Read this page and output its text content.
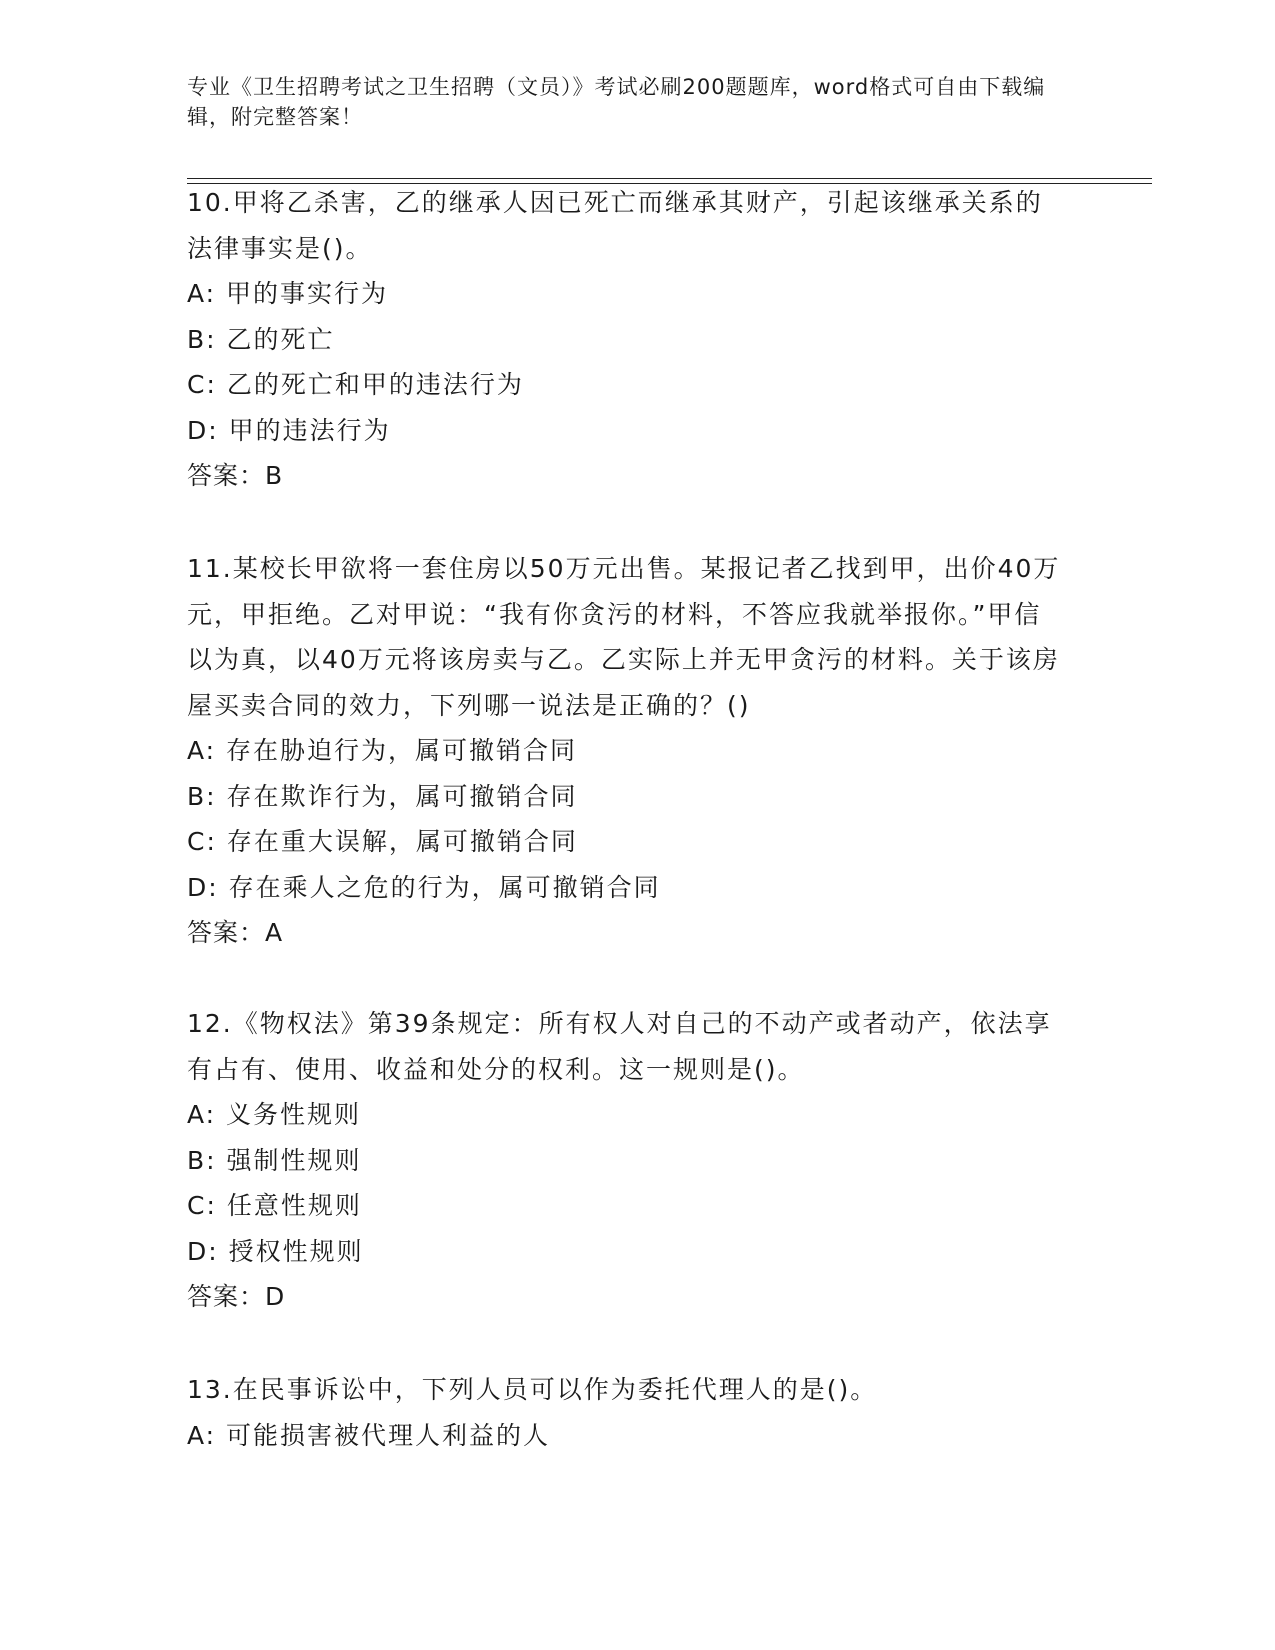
专业《卫生招聘考试之卫生招聘（文员）》考试必刷200题题库，word格式可自由下载编辑，附完整答案！

10.甲将乙杀害，乙的继承人因已死亡而继承其财产，引起该继承关系的法律事实是()。

A: 甲的事实行为

B: 乙的死亡

C: 乙的死亡和甲的违法行为

D: 甲的违法行为

答案：B

11.某校长甲欲将一套住房以50万元出售。某报记者乙找到甲，出价40万元，甲拒绝。乙对甲说：“我有你贪污的材料，不答应我就举报你。”甲信以为真，以40万元将该房卖与乙。乙实际上并无甲贪污的材料。关于该房屋买卖合同的效力，下列哪一说法是正确的？()

A: 存在胁迫行为，属可撤销合同

B: 存在欺诈行为，属可撤销合同

C: 存在重大误解，属可撤销合同

D: 存在乘人之危的行为，属可撤销合同

答案：A

12.《物权法》第39条规定：所有权人对自己的不动产或者动产，依法享有占有、使用、收益和处分的权利。这一规则是()。

A: 义务性规则

B: 强制性规则

C: 任意性规则

D: 授权性规则

答案：D

13.在民事诉讼中，下列人员可以作为委托代理人的是()。

A: 可能损害被代理人利益的人
